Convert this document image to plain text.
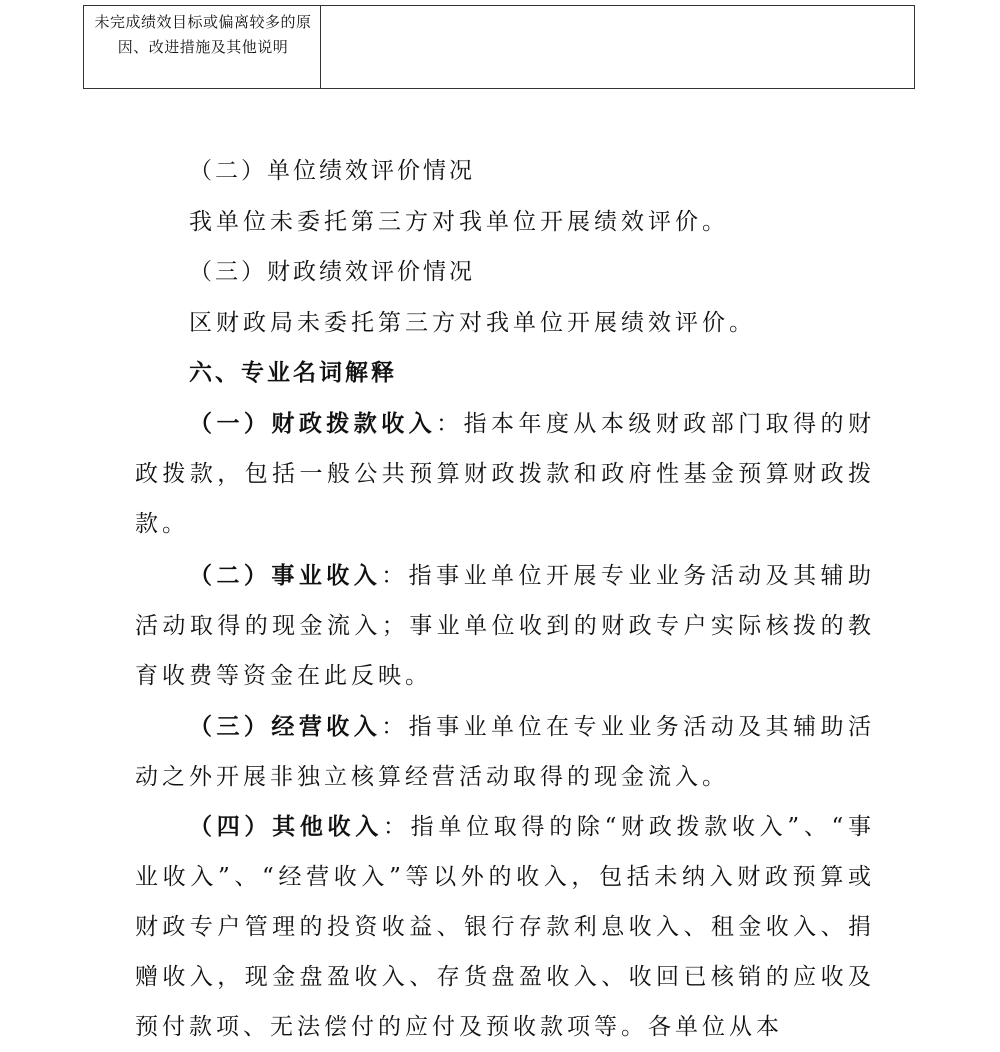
未完成绩效目标或偏离较多的原因、改进措施及其他说明

（二）单位绩效评价情况

我单位未委托第三方对我单位开展绩效评价。

（三）财政绩效评价情况

区财政局未委托第三方对我单位开展绩效评价。

六、专业名词解释

（一）财政拨款收入：指本年度从本级财政部门取得的财政拨款，包括一般公共预算财政拨款和政府性基金预算财政拨款。

（二）事业收入：指事业单位开展专业业务活动及其辅助活动取得的现金流入；事业单位收到的财政专户实际核拨的教育收费等资金在此反映。

（三）经营收入：指事业单位在专业业务活动及其辅助活动之外开展非独立核算经营活动取得的现金流入。

（四）其他收入：指单位取得的除“财政拨款收入”、“事业收入”、“经营收入”等以外的收入，包括未纳入财政预算或财政专户管理的投资收益、银行存款利息收入、租金收入、捐赠收入，现金盘盈收入、存货盘盈收入、收回已核销的应收及预付款项、无法偿付的应付及预收款项等。各单位从本
